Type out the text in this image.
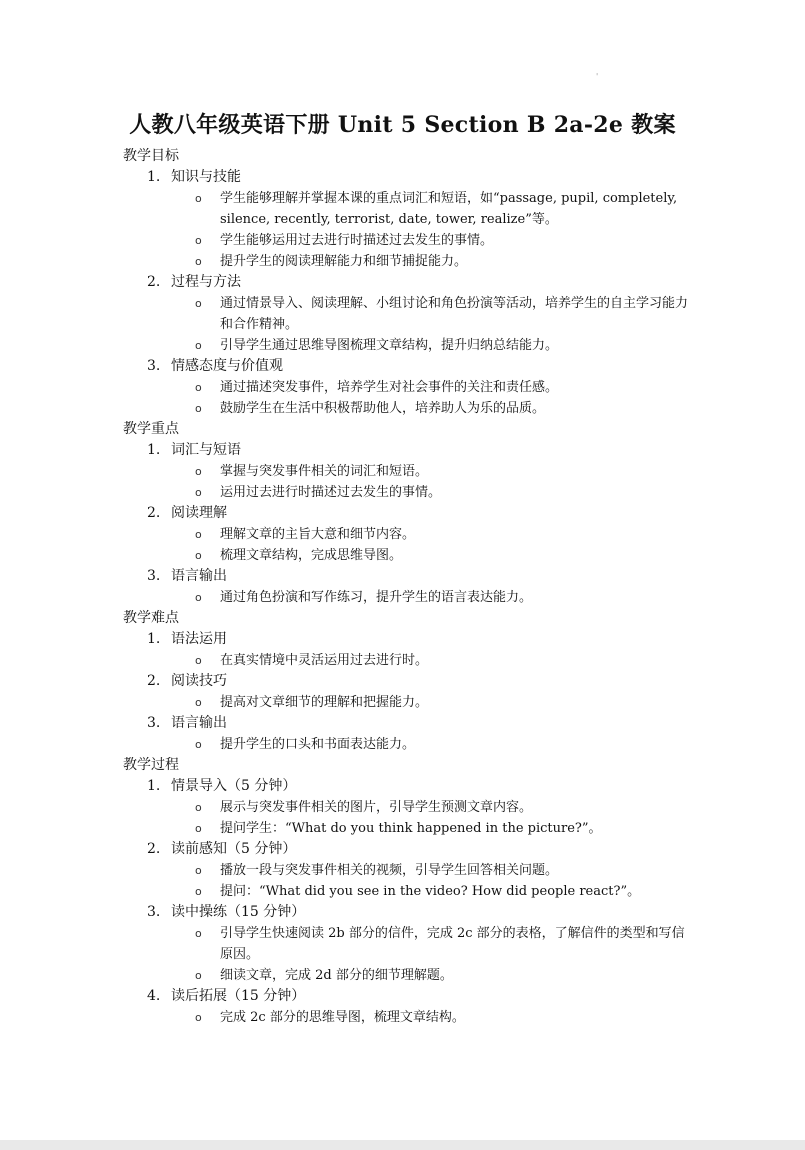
'
人教八年级英语下册 Unit 5 Section B 2a-2e 教案
教学目标
1. 知识与技能
o 学生能够理解并掌握本课的重点词汇和短语，如“passage, pupil, completely, silence, recently, terrorist, date, tower, realize”等。
o 学生能够运用过去进行时描述过去发生的事情。
o 提升学生的阅读理解能力和细节捕捉能力。
2. 过程与方法
o 通过情景导入、阅读理解、小组讨论和角色扮演等活动，培养学生的自主学习能力和合作精神。
o 引导学生通过思维导图梳理文章结构，提升归纳总结能力。
3. 情感态度与价值观
o 通过描述突发事件，培养学生对社会事件的关注和责任感。
o 鼓励学生在生活中积极帮助他人，培养助人为乐的品质。
教学重点
1. 词汇与短语
o 掌握与突发事件相关的词汇和短语。
o 运用过去进行时描述过去发生的事情。
2. 阅读理解
o 理解文章的主旨大意和细节内容。
o 梳理文章结构，完成思维导图。
3. 语言输出
o 通过角色扮演和写作练习，提升学生的语言表达能力。
教学难点
1. 语法运用
o 在真实情境中灵活运用过去进行时。
2. 阅读技巧
o 提高对文章细节的理解和把握能力。
3. 语言输出
o 提升学生的口头和书面表达能力。
教学过程
1. 情景导入（5 分钟）
o 展示与突发事件相关的图片，引导学生预测文章内容。
o 提问学生：“What do you think happened in the picture?”。
2. 读前感知（5 分钟）
o 播放一段与突发事件相关的视频，引导学生回答相关问题。
o 提问：“What did you see in the video? How did people react?”。
3. 读中操练（15 分钟）
o 引导学生快速阅读 2b 部分的信件，完成 2c 部分的表格，了解信件的类型和写信原因。
o 细读文章，完成 2d 部分的细节理解题。
4. 读后拓展（15 分钟）
o 完成 2c 部分的思维导图，梳理文章结构。
